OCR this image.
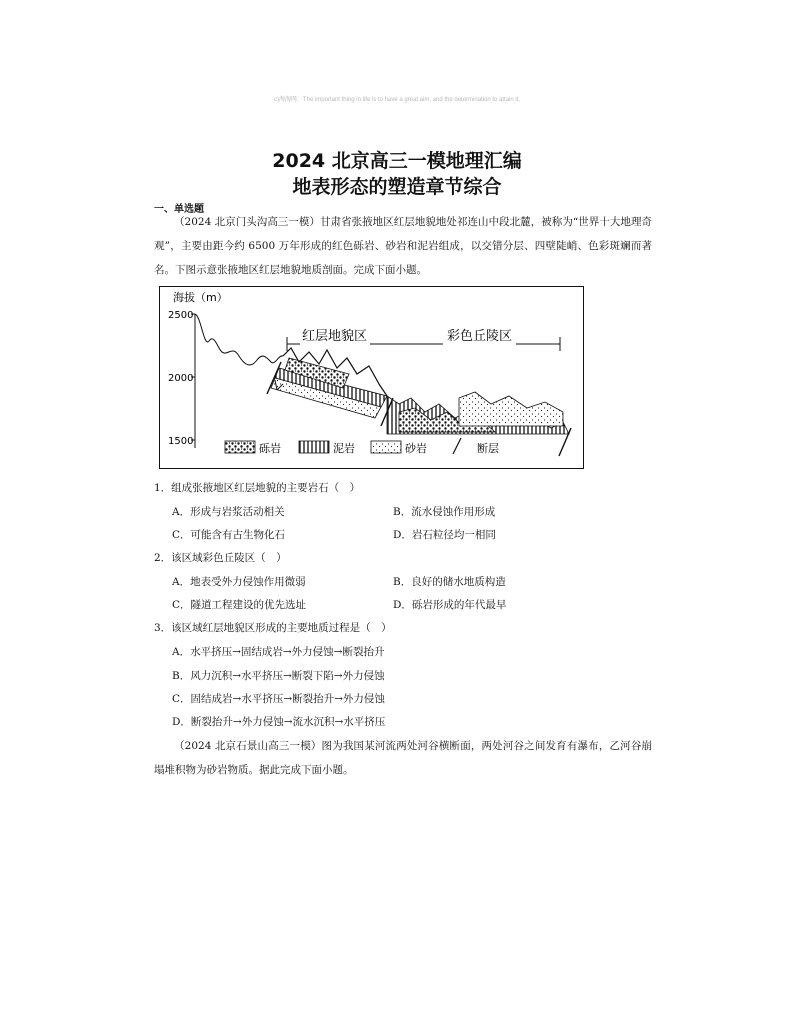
c)淘淘网：The important thing in life is to have a great aim, and the determination to attain it.
2024 北京高三一模地理汇编
地表形态的塑造章节综合
一、单选题
（2024 北京门头沟高三一模）甘肃省张掖地区红层地貌地处祁连山中段北麓，被称为“世界十大地理奇观”，主要由距今约 6500 万年形成的红色砾岩、砂岩和泥岩组成，以交错分层、四壁陡峭、色彩斑斓而著名。下图示意张掖地区红层地貌地质剖面。完成下面小题。
海拔（m）
2500
2000
1500
红层地貌区	彩色丘陵区
砾岩	泥岩	砂岩	断层
1．组成张掖地区红层地貌的主要岩石（　）
A．形成与岩浆活动相关	B．流水侵蚀作用形成
C．可能含有古生物化石	D．岩石粒径均一相同
2．该区域彩色丘陵区（　）
A．地表受外力侵蚀作用微弱	B．良好的储水地质构造
C．隧道工程建设的优先选址	D．砾岩形成的年代最早
3．该区域红层地貌区形成的主要地质过程是（　）
A．水平挤压→固结成岩→外力侵蚀→断裂抬升
B．风力沉积→水平挤压→断裂下陷→外力侵蚀
C．固结成岩→水平挤压→断裂抬升→外力侵蚀
D．断裂抬升→外力侵蚀→流水沉积→水平挤压
（2024 北京石景山高三一模）图为我国某河流两处河谷横断面，两处河谷之间发育有瀑布，乙河谷崩塌堆积物为砂岩物质。据此完成下面小题。
